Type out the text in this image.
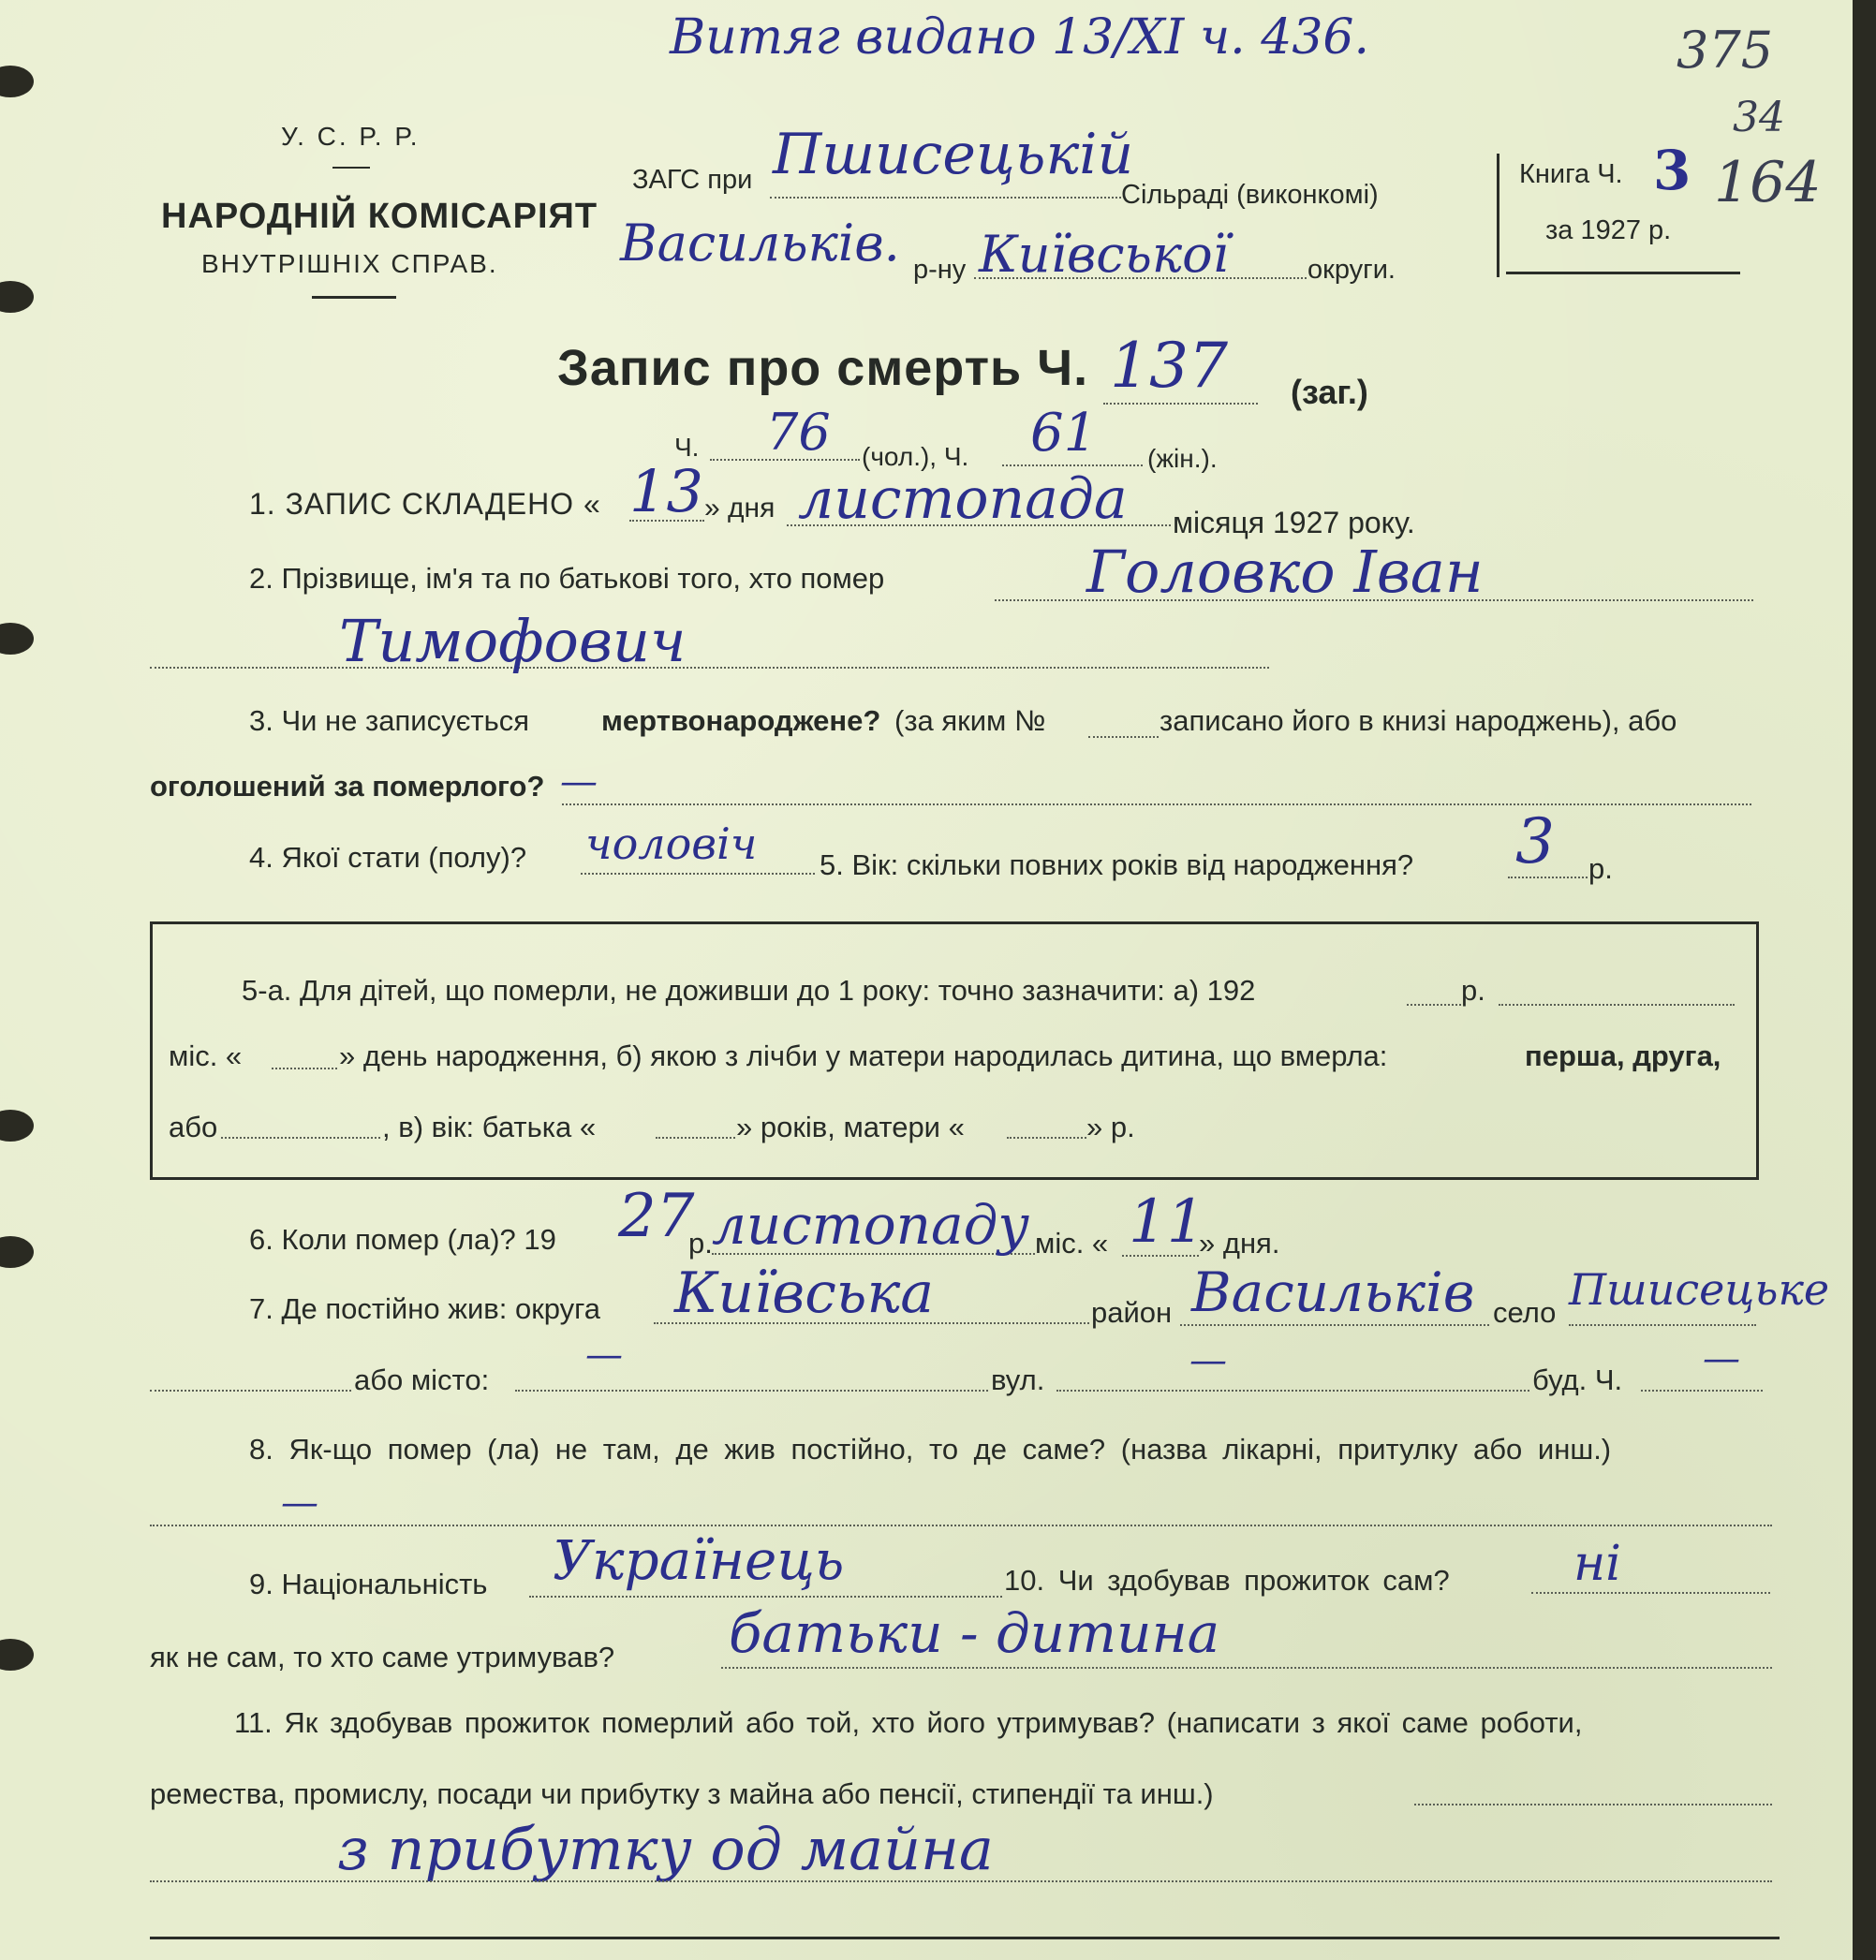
Витяг видано 13/XI ч. 436.	375
34
164
У. С. Р. Р.
НАРОДНІЙ КОМІСАРІЯТ
ВНУТРІШНІХ СПРАВ.
ЗАГС при Пшисецькій
Сільраді (виконкомі)
Васильків. р-ну Київської	округи.
Книга Ч. 3
за 1927 р.
Запис про смерть Ч. 137 (заг.)
Ч. 76 (чол.), Ч. 61 (жін.).
1. ЗАПИС СКЛАДЕНО « 13 » дня листопада місяця 1927 року.
2. Прізвище, ім'я та по батькові того, хто помер	Головко Іван
Тимофович
3. Чи не записується мертвонароджене? (за яким №	записано його в книзі народжень), або
оголошений за померлого? —
4. Якої стати (полу)? чоловіч 5. Вік: скільки повних років від народження? 3 р.
5-а. Для дітей, що померли, не доживши до 1 року: точно зазначити: а) 192	р.
міс. «	» день народження, б) якою з лічби у матери народилась дитина, що вмерла:	перша, друга,
або	, в) вік: батька «	» років, матери «	» р.
6. Коли помер (ла)? 19 27
р. листопаду міс. « 11
» дня.
7. Де постійно жив: округа Київська	район Васильків село Пшисецьке
або місто:
—
вул.	—	буд. Ч. —
8. Як-що помер (ла) не там, де жив постійно, то де саме? (назва лікарні, притулку або инш.)
—
9. Національність Українець	10. Чи здобував прожиток сам?	ні
як не сам, то хто саме утримував? батьки - дитина
11. Як здобував прожиток померлий або той, хто його утримував? (написати з якої саме роботи,
ремества, промислу, посади чи прибутку з майна або пенсії, стипендії та инш.)
з прибутку од майна
